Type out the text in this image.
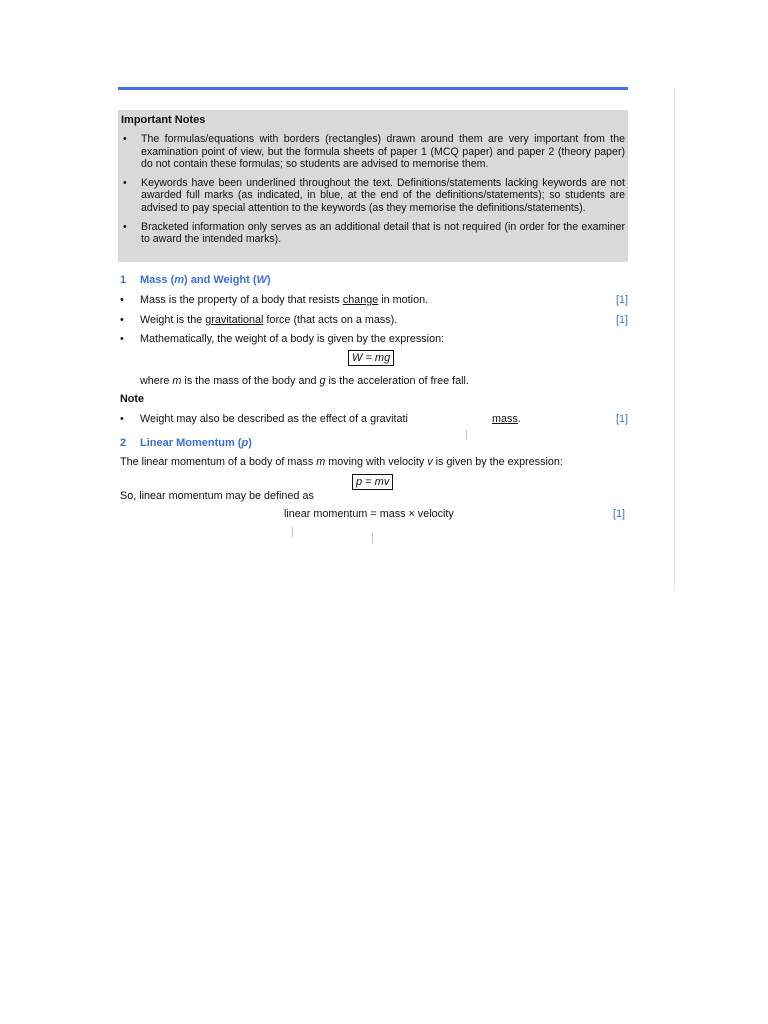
Important Notes
• The formulas/equations with borders (rectangles) drawn around them are very important from the examination point of view, but the formula sheets of paper 1 (MCQ paper) and paper 2 (theory paper) do not contain these formulas; so students are advised to memorise them.
• Keywords have been underlined throughout the text. Definitions/statements lacking keywords are not awarded full marks (as indicated, in blue, at the end of the definitions/statements); so students are advised to pay special attention to the keywords (as they memorise the definitions/statements).
• Bracketed information only serves as an additional detail that is not required (in order for the examiner to award the intended marks).
1 Mass (m) and Weight (W)
• Mass is the property of a body that resists change in motion.	[1]
• Weight is the gravitational force (that acts on a mass).	[1]
• Mathematically, the weight of a body is given by the expression:
W = mg
where m is the mass of the body and g is the acceleration of free fall.
Note
• Weight may also be described as the effect of a gravitati	mass.	[1]
2 Linear Momentum (p)
The linear momentum of a body of mass m moving with velocity v is given by the expression:
p = mv
So, linear momentum may be defined as
linear momentum = mass × velocity	[1]
